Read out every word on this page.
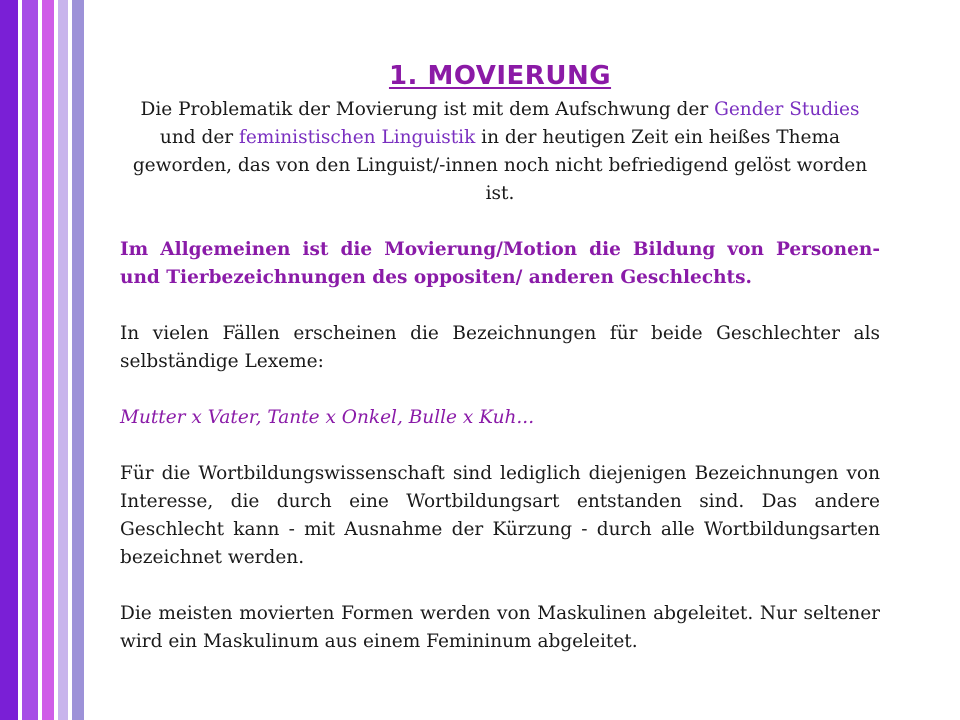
1. MOVIERUNG

Die Problematik der Movierung ist mit dem Aufschwung der Gender Studies und der feministischen Linguistik in der heutigen Zeit ein heißes Thema geworden, das von den Linguist/-innen noch nicht befriedigend gelöst worden ist.

Im Allgemeinen ist die Movierung/Motion die Bildung von Personen- und Tierbezeichnungen des oppositen/ anderen Geschlechts.

In vielen Fällen erscheinen die Bezeichnungen für beide Geschlechter als selbständige Lexeme:

Mutter x Vater, Tante x Onkel, Bulle x Kuh...

Für die Wortbildungswissenschaft sind lediglich diejenigen Bezeichnungen von Interesse, die durch eine Wortbildungsart entstanden sind. Das andere Geschlecht kann - mit Ausnahme der Kürzung - durch alle Wortbildungsarten bezeichnet werden.

Die meisten movierten Formen werden von Maskulinen abgeleitet. Nur seltener wird ein Maskulinum aus einem Femininum abgeleitet.
